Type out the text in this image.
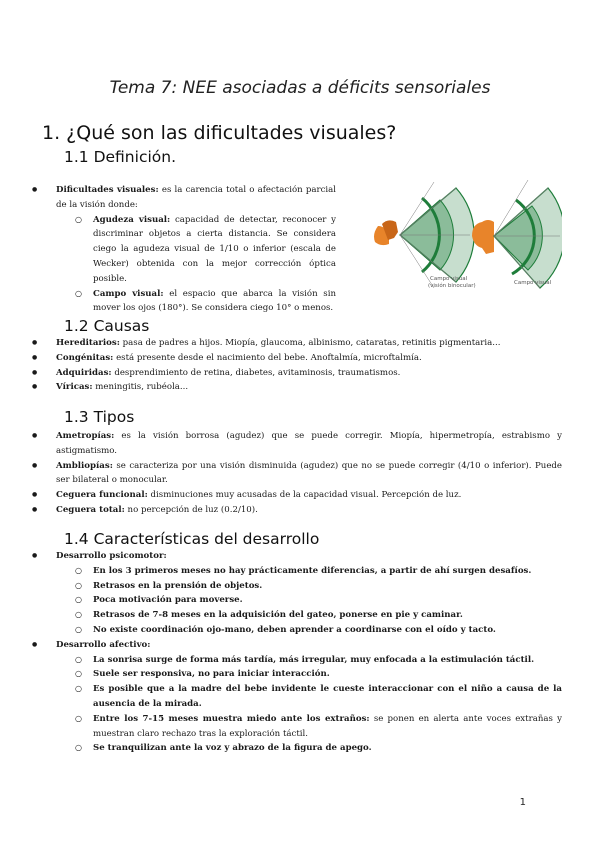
Tema 7: NEE asociadas a déficits sensoriales
1. ¿Qué son las dificultades visuales?
1.1 Definición.
● Dificultades visuales: es la carencia total o afectación parcial de la visión donde:
○ Agudeza visual: capacidad de detectar, reconocer y discriminar objetos a cierta distancia. Se considera ciego la agudeza visual de 1/10 o inferior (escala de Wecker) obtenida con la mejor corrección óptica posible.
○ Campo visual: el espacio que abarca la visión sin mover los ojos (180°). Se considera ciego 10° o menos.
Campo visual
(visión binocular)	Campo visual
1.2 Causas
● Hereditarios: pasa de padres a hijos. Miopía, glaucoma, albinismo, cataratas, retinitis pigmentaria...
● Congénitas: está presente desde el nacimiento del bebe. Anoftalmía, microftalmía.
● Adquiridas: desprendimiento de retina, diabetes, avitaminosis, traumatismos.
● Víricas: meningitis, rubéola...
1.3 Tipos
● Ametropías: es la visión borrosa (agudez) que se puede corregir. Miopía, hipermetropía, estrabismo y astigmatismo.
● Ambliopías: se caracteriza por una visión disminuida (agudez) que no se puede corregir (4/10 o inferior). Puede ser bilateral o monocular.
● Ceguera funcional: disminuciones muy acusadas de la capacidad visual. Percepción de luz.
● Ceguera total: no percepción de luz (0.2/10).
1.4 Características del desarrollo
● Desarrollo psicomotor:
○ En los 3 primeros meses no hay prácticamente diferencias, a partir de ahí surgen desafíos.
○ Retrasos en la prensión de objetos.
○ Poca motivación para moverse.
○ Retrasos de 7-8 meses en la adquisición del gateo, ponerse en pie y caminar.
○ No existe coordinación ojo-mano, deben aprender a coordinarse con el oído y tacto.
● Desarrollo afectivo:
○ La sonrisa surge de forma más tardía, más irregular, muy enfocada a la estimulación táctil.
○ Suele ser responsiva, no para iniciar interacción.
○ Es posible que a la madre del bebe invidente le cueste interaccionar con el niño a causa de la ausencia de la mirada.
○ Entre los 7-15 meses muestra miedo ante los extraños: se ponen en alerta ante voces extrañas y muestran claro rechazo tras la exploración táctil.
○ Se tranquilizan ante la voz y abrazo de la figura de apego.
1
